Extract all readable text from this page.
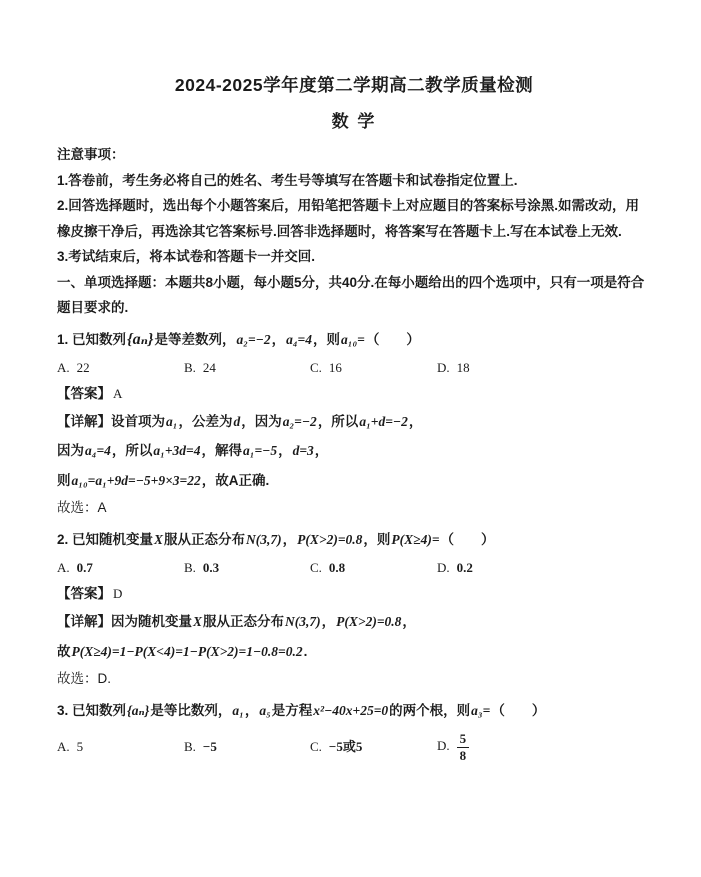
2024-2025学年度第二学期高二教学质量检测

数 学

注意事项：

1.答卷前，考生务必将自己的姓名、考生号等填写在答题卡和试卷指定位置上.

2.回答选择题时，选出每个小题答案后，用铅笔把答题卡上对应题目的答案标号涂黑.如需改动，用橡皮擦干净后，再选涂其它答案标号.回答非选择题时，将答案写在答题卡上.写在本试卷上无效.

3.考试结束后，将本试卷和答题卡一并交回.

一、单项选择题：本题共8小题，每小题5分，共40分.在每小题给出的四个选项中，只有一项是符合题目要求的.

1. 已知数列{aₙ}是等差数列，a₂=−2，a₄=4，则a₁₀=（　　）

A. 22	B. 24	C. 16	D. 18

【答案】 A

【详解】设首项为a₁，公差为d，因为a₂=−2，所以a₁+d=−2，

因为a₄=4，所以a₁+3d=4，解得a₁=−5，d=3，

则a₁₀=a₁+9d=−5+9×3=22，故A正确.

故选：A

2. 已知随机变量X服从正态分布N(3,7)，P(X>2)=0.8，则P(X≥4)=（　　）

A. 0.7	B. 0.3	C. 0.8	D. 0.2

【答案】 D

【详解】因为随机变量X服从正态分布N(3,7)，P(X>2)=0.8，

故P(X≥4)=1−P(X<4)=1−P(X>2)=1−0.8=0.2.

故选：D.

3. 已知数列{aₙ}是等比数列，a₁，a₅是方程x²−40x+25=0的两个根，则a₃=（　　）

A. 5	B. −5	C. −5或5	D. $\frac{5}{8}$
